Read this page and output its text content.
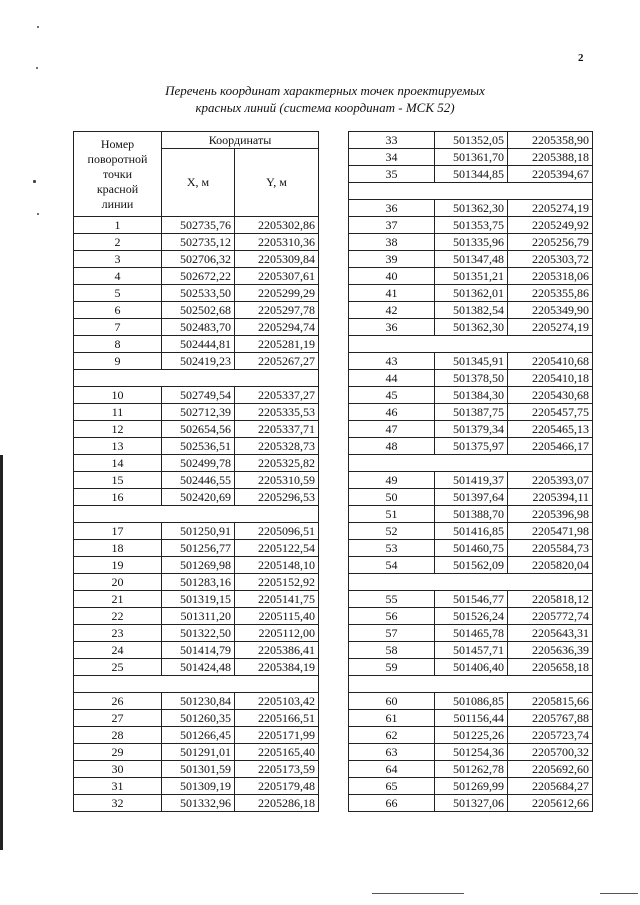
2
Перечень координат характерных точек проектируемых
красных линий (система координат - МСК 52)
Номер
поворотной
точки
красной
линии	Координаты	
	X, м	Y, м
1	502735,76	2205302,86
2	502735,12	2205310,36
3	502706,32	2205309,84
4	502672,22	2205307,61
5	502533,50	2205299,29
6	502502,68	2205297,78
7	502483,70	2205294,74
8	502444,81	2205281,19
9	502419,23	2205267,27

10	502749,54	2205337,27
11	502712,39	2205335,53
12	502654,56	2205337,71
13	502536,51	2205328,73
14	502499,78	2205325,82
15	502446,55	2205310,59
16	502420,69	2205296,53

17	501250,91	2205096,51
18	501256,77	2205122,54
19	501269,98	2205148,10
20	501283,16	2205152,92
21	501319,15	2205141,75
22	501311,20	2205115,40
23	501322,50	2205112,00
24	501414,79	2205386,41
25	501424,48	2205384,19

26	501230,84	2205103,42
27	501260,35	2205166,51
28	501266,45	2205171,99
29	501291,01	2205165,40
30	501301,59	2205173,59
31	501309,19	2205179,48
32	501332,96	2205286,18
33	501352,05	2205358,90
34	501361,70	2205388,18
35	501344,85	2205394,67

36	501362,30	2205274,19
37	501353,75	2205249,92
38	501335,96	2205256,79
39	501347,48	2205303,72
40	501351,21	2205318,06
41	501362,01	2205355,86
42	501382,54	2205349,90
36	501362,30	2205274,19

43	501345,91	2205410,68
44	501378,50	2205410,18
45	501384,30	2205430,68
46	501387,75	2205457,75
47	501379,34	2205465,13
48	501375,97	2205466,17

49	501419,37	2205393,07
50	501397,64	2205394,11
51	501388,70	2205396,98
52	501416,85	2205471,98
53	501460,75	2205584,73
54	501562,09	2205820,04

55	501546,77	2205818,12
56	501526,24	2205772,74
57	501465,78	2205643,31
58	501457,71	2205636,39
59	501406,40	2205658,18

60	501086,85	2205815,66
61	501156,44	2205767,88
62	501225,26	2205723,74
63	501254,36	2205700,32
64	501262,78	2205692,60
65	501269,99	2205684,27
66	501327,06	2205612,66
